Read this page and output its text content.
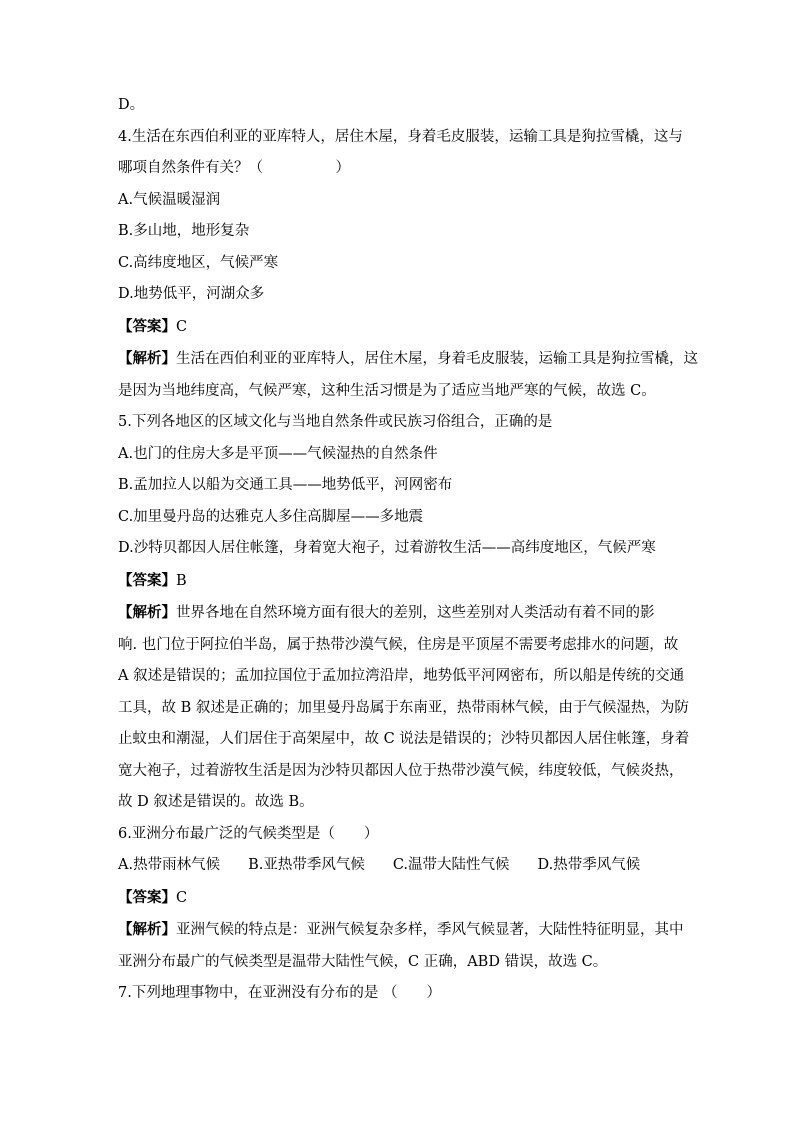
D。

4.生活在东西伯利亚的亚库特人，居住木屋，身着毛皮服装，运输工具是狗拉雪橇，这与

哪项自然条件有关？（　　　　　）

A.气候温暖湿润

B.多山地，地形复杂

C.高纬度地区，气候严寒

D.地势低平，河湖众多

【答案】C

【解析】生活在西伯利亚的亚库特人，居住木屋，身着毛皮服装，运输工具是狗拉雪橇，这

是因为当地纬度高，气候严寒，这种生活习惯是为了适应当地严寒的气候，故选 C。

5.下列各地区的区域文化与当地自然条件或民族习俗组合，正确的是

A.也门的住房大多是平顶——气候湿热的自然条件

B.孟加拉人以船为交通工具——地势低平，河网密布

C.加里曼丹岛的达雅克人多住高脚屋——多地震

D.沙特贝都因人居住帐篷，身着宽大袍子，过着游牧生活——高纬度地区，气候严寒

【答案】B

【解析】世界各地在自然环境方面有很大的差别，这些差别对人类活动有着不同的影

响. 也门位于阿拉伯半岛，属于热带沙漠气候，住房是平顶屋不需要考虑排水的问题，故

A 叙述是错误的；孟加拉国位于孟加拉湾沿岸，地势低平河网密布，所以船是传统的交通

工具，故 B 叙述是正确的；加里曼丹岛属于东南亚，热带雨林气候，由于气候湿热，为防

止蚊虫和潮湿，人们居住于高架屋中，故 C 说法是错误的；沙特贝都因人居住帐篷，身着

宽大袍子，过着游牧生活是因为沙特贝都因人位于热带沙漠气候，纬度较低，气候炎热，

故 D 叙述是错误的。故选 B。

6.亚洲分布最广泛的气候类型是（　　）

A.热带雨林气候 B.亚热带季风气候 C.温带大陆性气候 D.热带季风气候

【答案】C

【解析】亚洲气候的特点是：亚洲气候复杂多样，季风气候显著，大陆性特征明显，其中

亚洲分布最广的气候类型是温带大陆性气候，C 正确，ABD 错误，故选 C。

7.下列地理事物中，在亚洲没有分布的是 （　　）
